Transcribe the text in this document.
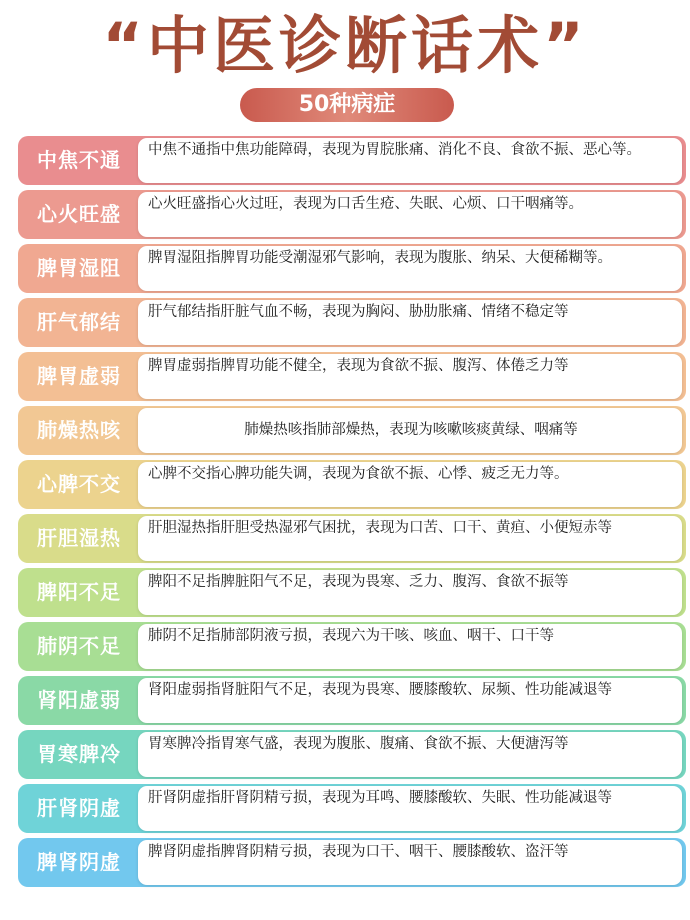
“中医诊断话术”
50种病症
中焦不通	中焦不通指中焦功能障碍，表现为胃脘胀痛、消化不良、食欲不振、恶心等。
心火旺盛	心火旺盛指心火过旺，表现为口舌生疮、失眠、心烦、口干咽痛等。
脾胃湿阻	脾胃湿阻指脾胃功能受潮湿邪气影响，表现为腹胀、纳呆、大便稀糊等。
肝气郁结	肝气郁结指肝脏气血不畅，表现为胸闷、胁肋胀痛、情绪不稳定等
脾胃虚弱	脾胃虚弱指脾胃功能不健全，表现为食欲不振、腹泻、体倦乏力等
肺燥热咳	肺燥热咳指肺部燥热，表现为咳嗽咳痰黄绿、咽痛等
心脾不交	心脾不交指心脾功能失调，表现为食欲不振、心悸、疲乏无力等。
肝胆湿热	肝胆湿热指肝胆受热湿邪气困扰，表现为口苦、口干、黄疸、小便短赤等
脾阳不足	脾阳不足指脾脏阳气不足，表现为畏寒、乏力、腹泻、食欲不振等
肺阴不足	肺阴不足指肺部阴液亏损，表现六为干咳、咳血、咽干、口干等
肾阳虚弱	肾阳虚弱指肾脏阳气不足，表现为畏寒、腰膝酸软、尿频、性功能减退等
胃寒脾冷	胃寒脾冷指胃寒气盛，表现为腹胀、腹痛、食欲不振、大便溏泻等
肝肾阴虚	肝肾阴虚指肝肾阴精亏损，表现为耳鸣、腰膝酸软、失眠、性功能减退等
脾肾阴虚	脾肾阴虚指脾肾阴精亏损，表现为口干、咽干、腰膝酸软、盗汗等
